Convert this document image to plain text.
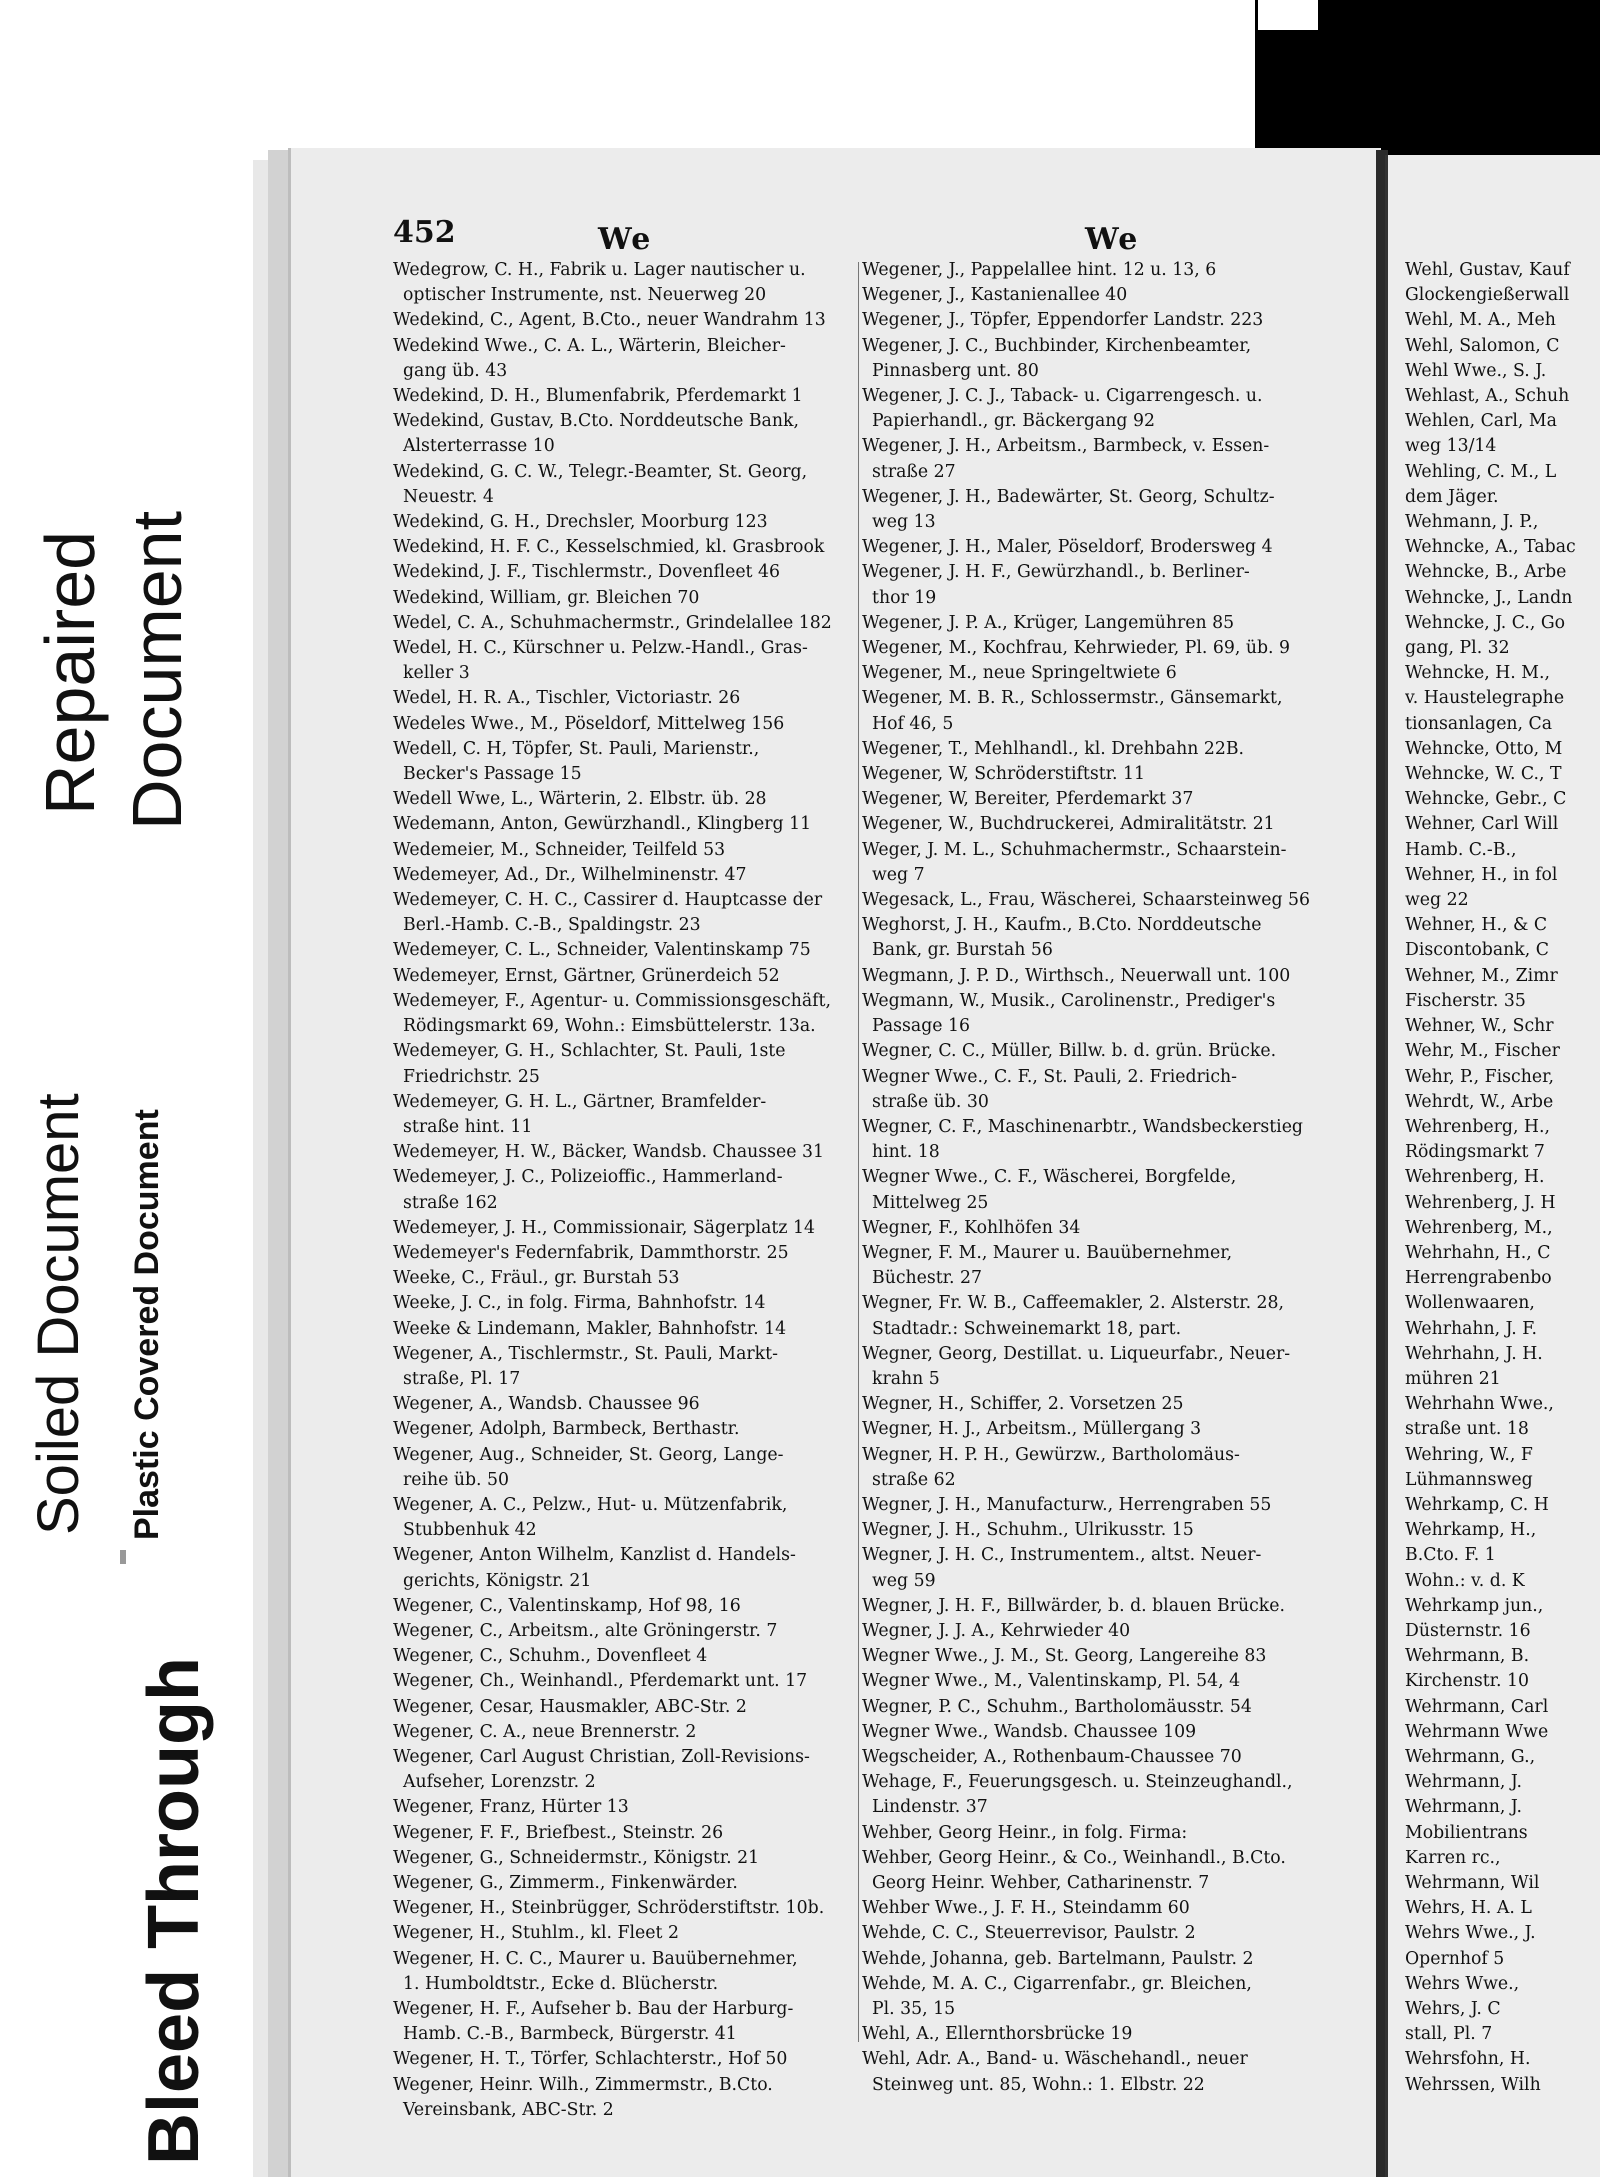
Bleed Through
Soiled Document Plastic Covered Document
Repaired Document
Wehl, Gustav, Kauf
Glockengießerwall
Wehl, M. A., Meh
Wehl, Salomon, C
Wehl Wwe., S. J.
Wehlast, A., Schuh
Wehlen, Carl, Ma
weg 13/14
Wehling, C. M., L
dem Jäger.
Wehmann, J. P.,
Wehncke, A., Tabac
Wehncke, B., Arbe
Wehncke, J., Landn
Wehncke, J. C., Go
gang, Pl. 32
Wehncke, H. M.,
v. Haustelegraphe
tionsanlagen, Ca
Wehncke, Otto, M
Wehncke, W. C., T
Wehncke, Gebr., C
Wehner, Carl Will
Hamb. C.-B.,
Wehner, H., in fol
weg 22
Wehner, H., & C
Discontobank, C
Wehner, M., Zimr
Fischerstr. 35
Wehner, W., Schr
Wehr, M., Fischer
Wehr, P., Fischer,
Wehrdt, W., Arbe
Wehrenberg, H.,
Rödingsmarkt 7
Wehrenberg, H.
Wehrenberg, J. H
Wehrenberg, M.,
Wehrhahn, H., C
Herrengrabenbo
Wollenwaaren,
Wehrhahn, J. F.
Wehrhahn, J. H.
mühren 21
Wehrhahn Wwe.,
straße unt. 18
Wehring, W., F
Lühmannsweg
Wehrkamp, C. H
Wehrkamp, H.,
B.Cto. F. 1
Wohn.: v. d. K
Wehrkamp jun.,
Düsternstr. 16
Wehrmann, B.
Kirchenstr. 10
Wehrmann, Carl
Wehrmann Wwe
Wehrmann, G.,
Wehrmann, J.
Wehrmann, J.
Mobilientrans
Karren rc.,
Wehrmann, Wil
Wehrs, H. A. L
Wehrs Wwe., J.
Opernhof 5
Wehrs Wwe.,
Wehrs, J. C
stall, Pl. 7
Wehrsfohn, H.
Wehrssen, Wilh
452	We	We
Wedegrow, C. H., Fabrik u. Lager nautischer u.
optischer Instrumente, nst. Neuerweg 20
Wedekind, C., Agent, B.Cto., neuer Wandrahm 13
Wedekind Wwe., C. A. L., Wärterin, Bleicher-
gang üb. 43
Wedekind, D. H., Blumenfabrik, Pferdemarkt 1
Wedekind, Gustav, B.Cto. Norddeutsche Bank,
Alsterterrasse 10
Wedekind, G. C. W., Telegr.-Beamter, St. Georg,
Neuestr. 4
Wedekind, G. H., Drechsler, Moorburg 123
Wedekind, H. F. C., Kesselschmied, kl. Grasbrook
Wedekind, J. F., Tischlermstr., Dovenfleet 46
Wedekind, William, gr. Bleichen 70
Wedel, C. A., Schuhmachermstr., Grindelallee 182
Wedel, H. C., Kürschner u. Pelzw.-Handl., Gras-
keller 3
Wedel, H. R. A., Tischler, Victoriastr. 26
Wedeles Wwe., M., Pöseldorf, Mittelweg 156
Wedell, C. H, Töpfer, St. Pauli, Marienstr.,
Becker's Passage 15
Wedell Wwe, L., Wärterin, 2. Elbstr. üb. 28
Wedemann, Anton, Gewürzhandl., Klingberg 11
Wedemeier, M., Schneider, Teilfeld 53
Wedemeyer, Ad., Dr., Wilhelminenstr. 47
Wedemeyer, C. H. C., Cassirer d. Hauptcasse der
Berl.-Hamb. C.-B., Spaldingstr. 23
Wedemeyer, C. L., Schneider, Valentinskamp 75
Wedemeyer, Ernst, Gärtner, Grünerdeich 52
Wedemeyer, F., Agentur- u. Commissionsgeschäft,
Rödingsmarkt 69, Wohn.: Eimsbüttelerstr. 13a.
Wedemeyer, G. H., Schlachter, St. Pauli, 1ste
Friedrichstr. 25
Wedemeyer, G. H. L., Gärtner, Bramfelder-
straße hint. 11
Wedemeyer, H. W., Bäcker, Wandsb. Chaussee 31
Wedemeyer, J. C., Polizeioffic., Hammerland-
straße 162
Wedemeyer, J. H., Commissionair, Sägerplatz 14
Wedemeyer's Federnfabrik, Dammthorstr. 25
Weeke, C., Fräul., gr. Burstah 53
Weeke, J. C., in folg. Firma, Bahnhofstr. 14
Weeke & Lindemann, Makler, Bahnhofstr. 14
Wegener, A., Tischlermstr., St. Pauli, Markt-
straße, Pl. 17
Wegener, A., Wandsb. Chaussee 96
Wegener, Adolph, Barmbeck, Berthastr.
Wegener, Aug., Schneider, St. Georg, Lange-
reihe üb. 50
Wegener, A. C., Pelzw., Hut- u. Mützenfabrik,
Stubbenhuk 42
Wegener, Anton Wilhelm, Kanzlist d. Handels-
gerichts, Königstr. 21
Wegener, C., Valentinskamp, Hof 98, 16
Wegener, C., Arbeitsm., alte Gröningerstr. 7
Wegener, C., Schuhm., Dovenfleet 4
Wegener, Ch., Weinhandl., Pferdemarkt unt. 17
Wegener, Cesar, Hausmakler, ABC-Str. 2
Wegener, C. A., neue Brennerstr. 2
Wegener, Carl August Christian, Zoll-Revisions-
Aufseher, Lorenzstr. 2
Wegener, Franz, Hürter 13
Wegener, F. F., Briefbest., Steinstr. 26
Wegener, G., Schneidermstr., Königstr. 21
Wegener, G., Zimmerm., Finkenwärder.
Wegener, H., Steinbrügger, Schröderstiftstr. 10b.
Wegener, H., Stuhlm., kl. Fleet 2
Wegener, H. C. C., Maurer u. Bauübernehmer,
1. Humboldtstr., Ecke d. Blücherstr.
Wegener, H. F., Aufseher b. Bau der Harburg-
Hamb. C.-B., Barmbeck, Bürgerstr. 41
Wegener, H. T., Törfer, Schlachterstr., Hof 50
Wegener, Heinr. Wilh., Zimmermstr., B.Cto.
Vereinsbank, ABC-Str. 2
Wegener, J., Pappelallee hint. 12 u. 13, 6
Wegener, J., Kastanienallee 40
Wegener, J., Töpfer, Eppendorfer Landstr. 223
Wegener, J. C., Buchbinder, Kirchenbeamter,
Pinnasberg unt. 80
Wegener, J. C. J., Taback- u. Cigarrengesch. u.
Papierhandl., gr. Bäckergang 92
Wegener, J. H., Arbeitsm., Barmbeck, v. Essen-
straße 27
Wegener, J. H., Badewärter, St. Georg, Schultz-
weg 13
Wegener, J. H., Maler, Pöseldorf, Brodersweg 4
Wegener, J. H. F., Gewürzhandl., b. Berliner-
thor 19
Wegener, J. P. A., Krüger, Langemühren 85
Wegener, M., Kochfrau, Kehrwieder, Pl. 69, üb. 9
Wegener, M., neue Springeltwiete 6
Wegener, M. B. R., Schlossermstr., Gänsemarkt,
Hof 46, 5
Wegener, T., Mehlhandl., kl. Drehbahn 22B.
Wegener, W, Schröderstiftstr. 11
Wegener, W, Bereiter, Pferdemarkt 37
Wegener, W., Buchdruckerei, Admiralitätstr. 21
Weger, J. M. L., Schuhmachermstr., Schaarstein-
weg 7
Wegesack, L., Frau, Wäscherei, Schaarsteinweg 56
Weghorst, J. H., Kaufm., B.Cto. Norddeutsche
Bank, gr. Burstah 56
Wegmann, J. P. D., Wirthsch., Neuerwall unt. 100
Wegmann, W., Musik., Carolinenstr., Prediger's
Passage 16
Wegner, C. C., Müller, Billw. b. d. grün. Brücke.
Wegner Wwe., C. F., St. Pauli, 2. Friedrich-
straße üb. 30
Wegner, C. F., Maschinenarbtr., Wandsbeckerstieg
hint. 18
Wegner Wwe., C. F., Wäscherei, Borgfelde,
Mittelweg 25
Wegner, F., Kohlhöfen 34
Wegner, F. M., Maurer u. Bauübernehmer,
Büchestr. 27
Wegner, Fr. W. B., Caffeemakler, 2. Alsterstr. 28,
Stadtadr.: Schweinemarkt 18, part.
Wegner, Georg, Destillat. u. Liqueurfabr., Neuer-
krahn 5
Wegner, H., Schiffer, 2. Vorsetzen 25
Wegner, H. J., Arbeitsm., Müllergang 3
Wegner, H. P. H., Gewürzw., Bartholomäus-
straße 62
Wegner, J. H., Manufacturw., Herrengraben 55
Wegner, J. H., Schuhm., Ulrikusstr. 15
Wegner, J. H. C., Instrumentem., altst. Neuer-
weg 59
Wegner, J. H. F., Billwärder, b. d. blauen Brücke.
Wegner, J. J. A., Kehrwieder 40
Wegner Wwe., J. M., St. Georg, Langereihe 83
Wegner Wwe., M., Valentinskamp, Pl. 54, 4
Wegner, P. C., Schuhm., Bartholomäusstr. 54
Wegner Wwe., Wandsb. Chaussee 109
Wegscheider, A., Rothenbaum-Chaussee 70
Wehage, F., Feuerungsgesch. u. Steinzeughandl.,
Lindenstr. 37
Wehber, Georg Heinr., in folg. Firma:
Wehber, Georg Heinr., & Co., Weinhandl., B.Cto.
Georg Heinr. Wehber, Catharinenstr. 7
Wehber Wwe., J. F. H., Steindamm 60
Wehde, C. C., Steuerrevisor, Paulstr. 2
Wehde, Johanna, geb. Bartelmann, Paulstr. 2
Wehde, M. A. C., Cigarrenfabr., gr. Bleichen,
Pl. 35, 15
Wehl, A., Ellernthorsbrücke 19
Wehl, Adr. A., Band- u. Wäschehandl., neuer
Steinweg unt. 85, Wohn.: 1. Elbstr. 22
